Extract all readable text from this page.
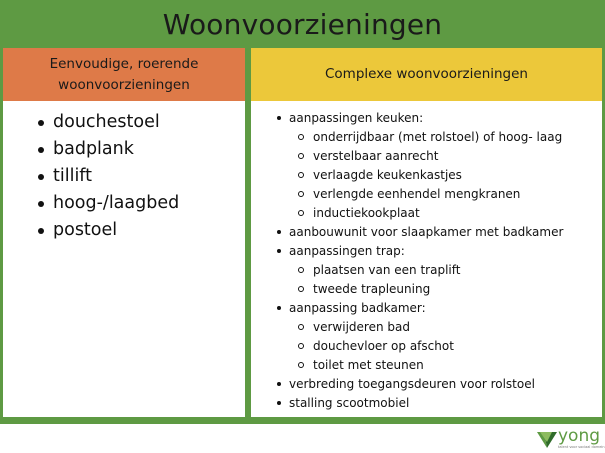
Woonvoorzieningen
Eenvoudige, roerende
woonvoorzieningen
douchestoel
badplank
tillift
hoog-/laagbed
postoel
Complexe woonvoorzieningen
aanpassingen keuken:
onderrijdbaar (met rolstoel) of hoog- laag
verstelbaar aanrecht
verlaagde keukenkastjes
verlengde eenhendel mengkranen
inductiekookplaat
aanbouwunit voor slaapkamer met badkamer
aanpassingen trap:
plaatsen van een traplift
tweede trapleuning
aanpassing badkamer:
verwijderen bad
douchevloer op afschot
toilet met steunen
verbreding toegangsdeuren voor rolstoel
stalling scootmobiel
yong
talent voor sociaal domein
